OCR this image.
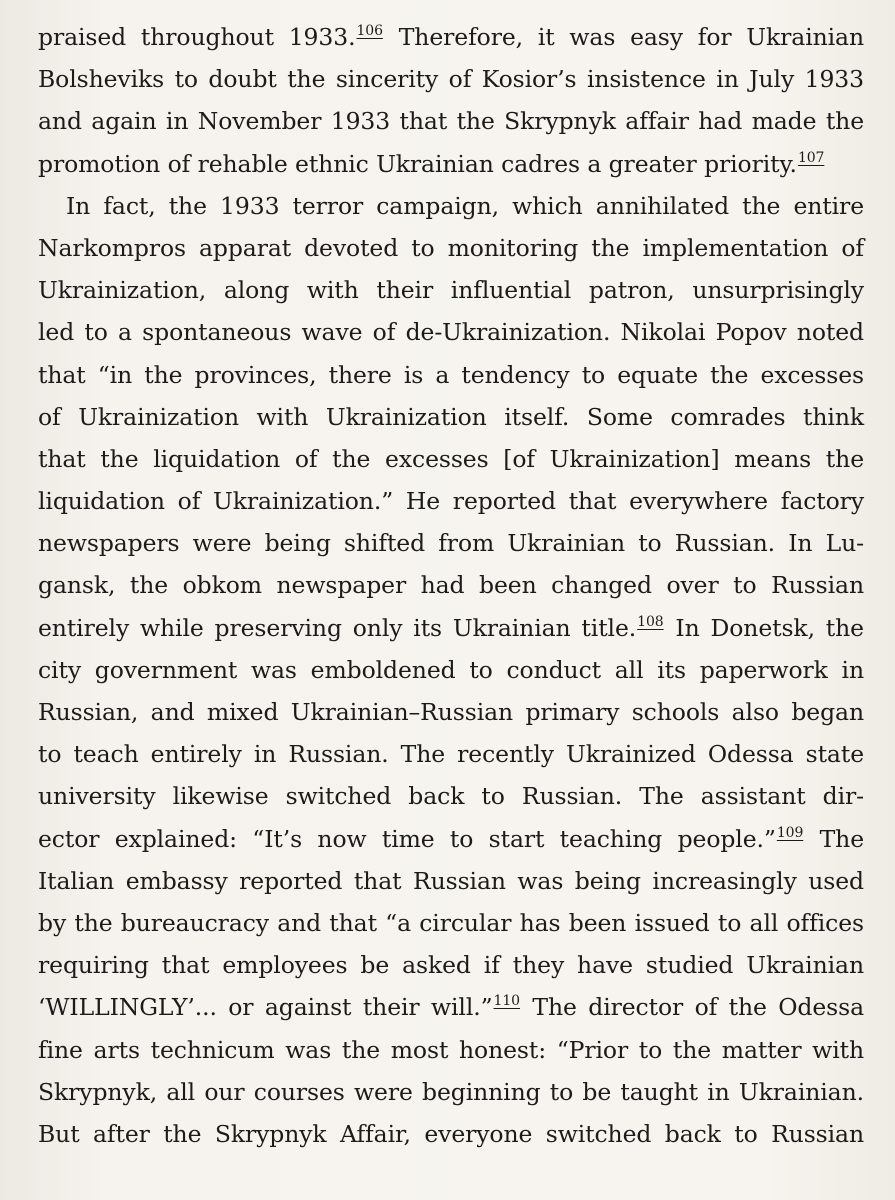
praised throughout 1933.106 Therefore, it was easy for Ukrainian
Bolsheviks to doubt the sincerity of Kosior’s insistence in July 1933
and again in November 1933 that the Skrypnyk affair had made the
promotion of rehable ethnic Ukrainian cadres a greater priority.107
In fact, the 1933 terror campaign, which annihilated the entire
Narkompros apparat devoted to monitoring the implementation of
Ukrainization, along with their influential patron, unsurprisingly
led to a spontaneous wave of de-Ukrainization. Nikolai Popov noted
that “in the provinces, there is a tendency to equate the excesses
of Ukrainization with Ukrainization itself. Some comrades think
that the liquidation of the excesses [of Ukrainization] means the
liquidation of Ukrainization.” He reported that everywhere factory
newspapers were being shifted from Ukrainian to Russian. In Lu-
gansk, the obkom newspaper had been changed over to Russian
entirely while preserving only its Ukrainian title.108 In Donetsk, the
city government was emboldened to conduct all its paperwork in
Russian, and mixed Ukrainian–Russian primary schools also began
to teach entirely in Russian. The recently Ukrainized Odessa state
university likewise switched back to Russian. The assistant dir-
ector explained: “It’s now time to start teaching people.”109 The
Italian embassy reported that Russian was being increasingly used
by the bureaucracy and that “a circular has been issued to all offices
requiring that employees be asked if they have studied Ukrainian
‘WILLINGLY’... or against their will.”110 The director of the Odessa
fine arts technicum was the most honest: “Prior to the matter with
Skrypnyk, all our courses were beginning to be taught in Ukrainian.
But after the Skrypnyk Affair, everyone switched back to Russian
